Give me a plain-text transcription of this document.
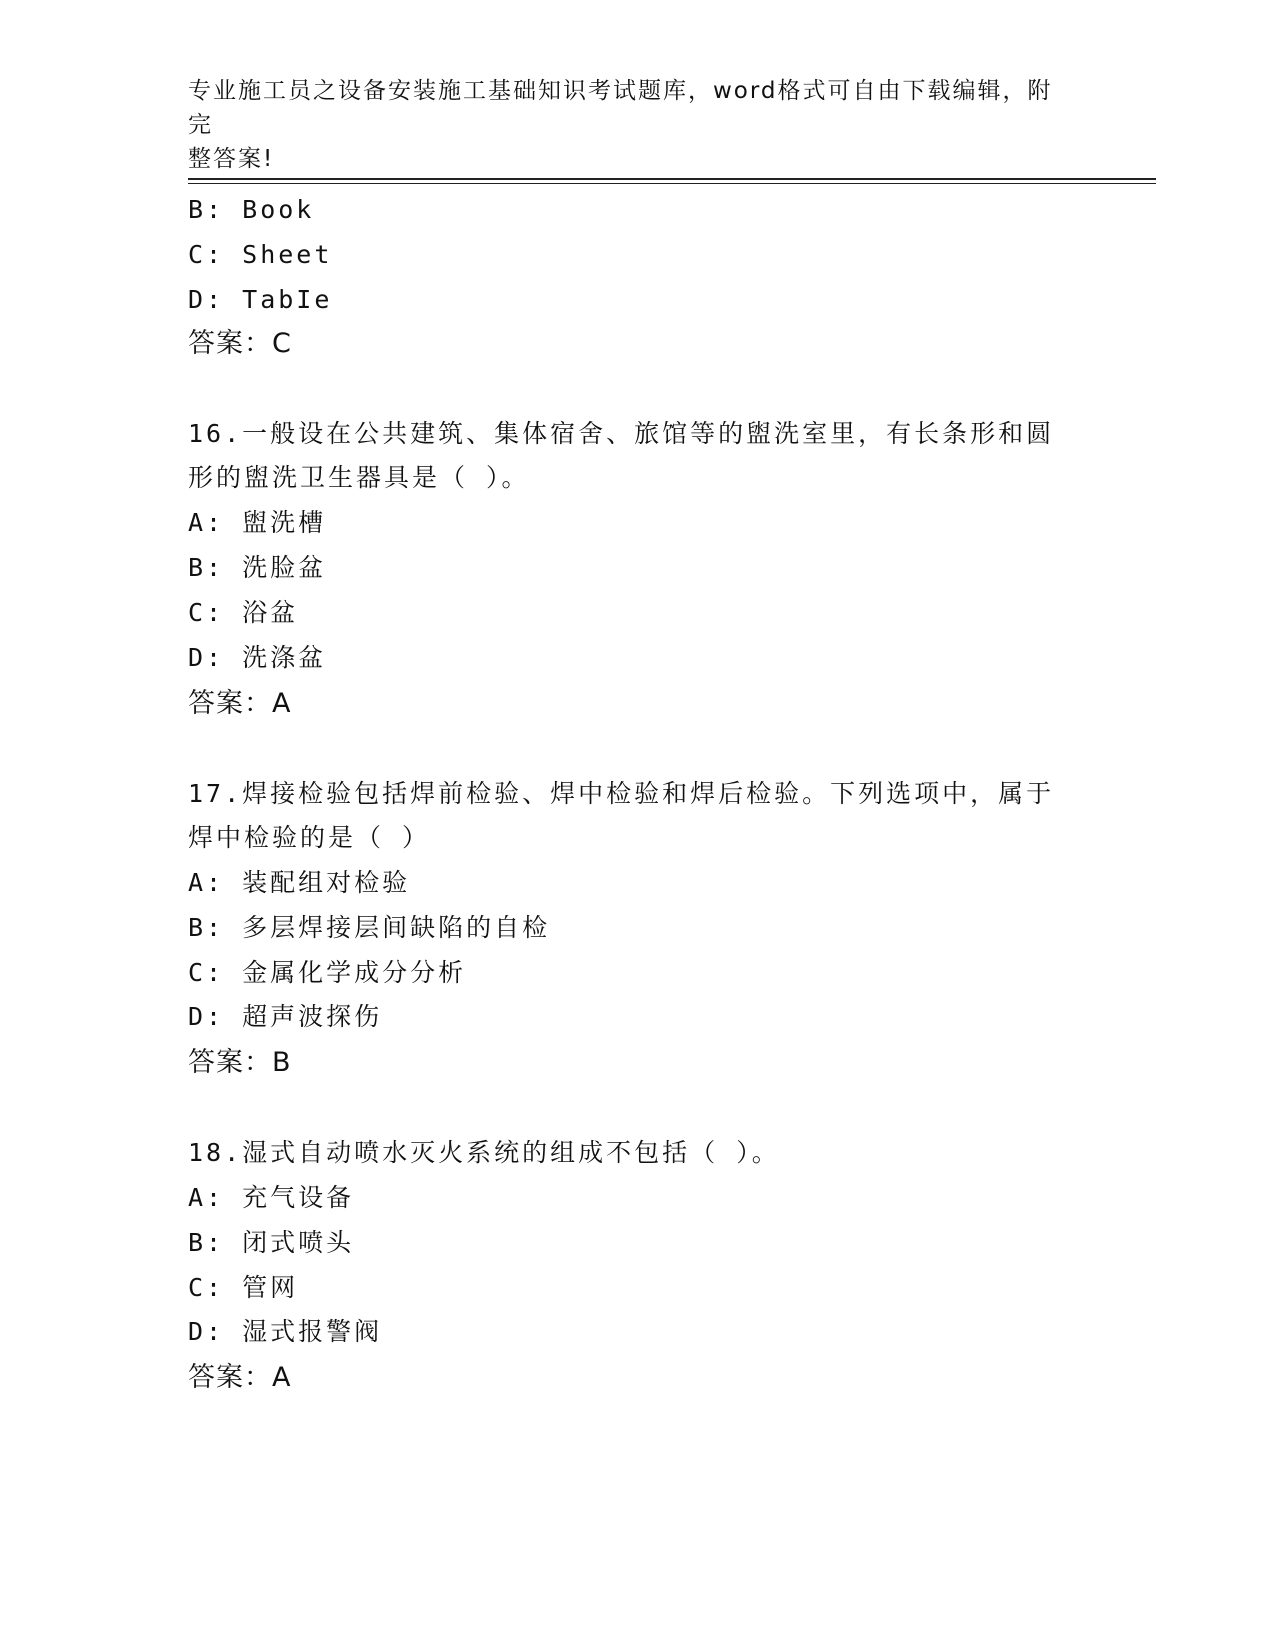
专业施工员之设备安装施工基础知识考试题库，word格式可自由下载编辑，附完
整答案!
B: Book
C: Sheet
D: TabIe
答案：C
16.一般设在公共建筑、集体宿舍、旅馆等的盥洗室里，有长条形和圆
形的盥洗卫生器具是（ ）。
A: 盥洗槽
B: 洗脸盆
C: 浴盆
D: 洗涤盆
答案：A
17.焊接检验包括焊前检验、焊中检验和焊后检验。下列选项中，属于
焊中检验的是（ ）
A: 装配组对检验
B: 多层焊接层间缺陷的自检
C: 金属化学成分分析
D: 超声波探伤
答案：B
18.湿式自动喷水灭火系统的组成不包括（ ）。
A: 充气设备
B: 闭式喷头
C: 管网
D: 湿式报警阀
答案：A
